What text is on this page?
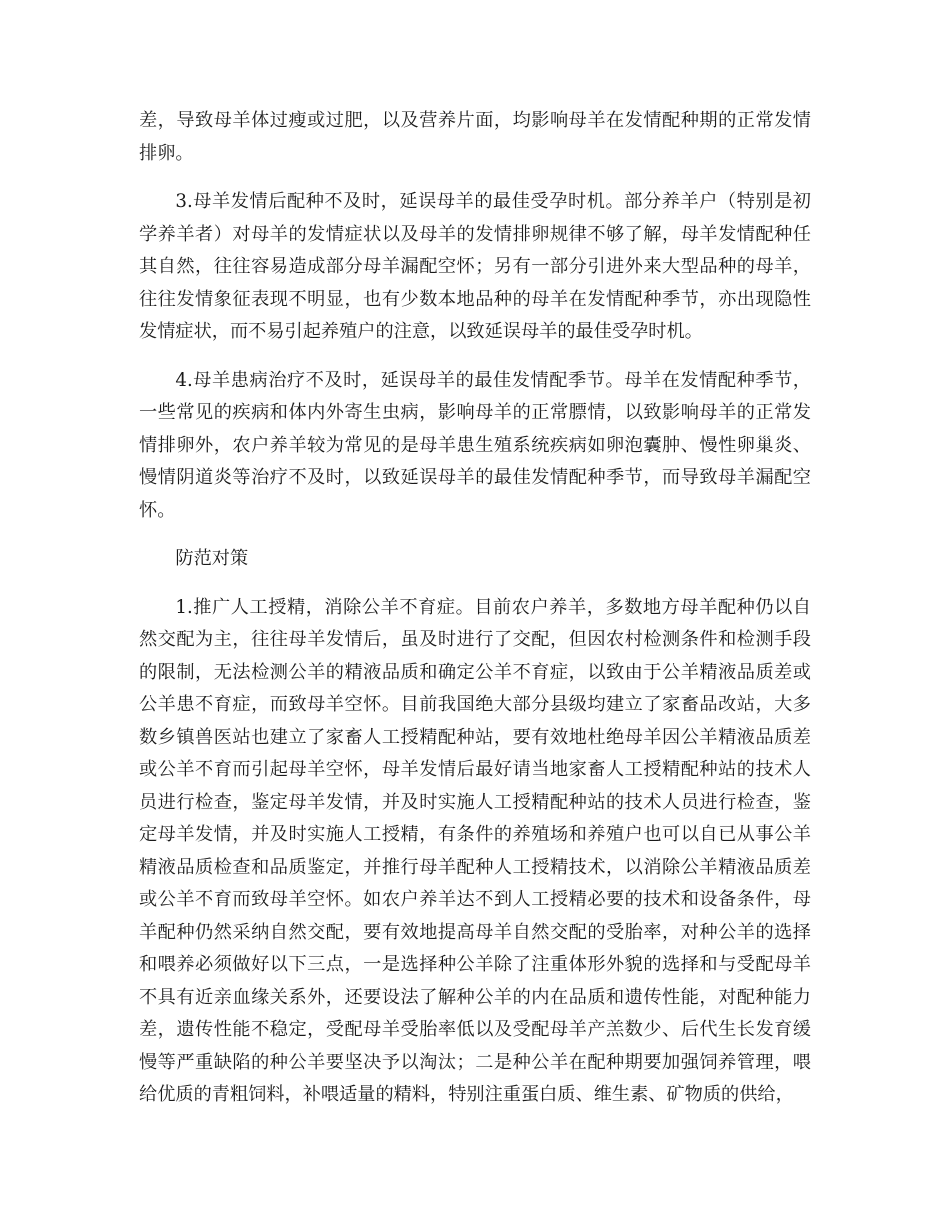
差，导致母羊体过瘦或过肥，以及营养片面，均影响母羊在发情配种期的正常发情排卵。

3.母羊发情后配种不及时，延误母羊的最佳受孕时机。部分养羊户（特别是初学养羊者）对母羊的发情症状以及母羊的发情排卵规律不够了解，母羊发情配种任其自然，往往容易造成部分母羊漏配空怀；另有一部分引进外来大型品种的母羊，往往发情象征表现不明显，也有少数本地品种的母羊在发情配种季节，亦出现隐性发情症状，而不易引起养殖户的注意，以致延误母羊的最佳受孕时机。

4.母羊患病治疗不及时，延误母羊的最佳发情配季节。母羊在发情配种季节，一些常见的疾病和体内外寄生虫病，影响母羊的正常膘情，以致影响母羊的正常发情排卵外，农户养羊较为常见的是母羊患生殖系统疾病如卵泡囊肿、慢性卵巢炎、慢情阴道炎等治疗不及时，以致延误母羊的最佳发情配种季节，而导致母羊漏配空怀。

防范对策

1.推广人工授精，消除公羊不育症。目前农户养羊，多数地方母羊配种仍以自然交配为主，往往母羊发情后，虽及时进行了交配，但因农村检测条件和检测手段的限制，无法检测公羊的精液品质和确定公羊不育症，以致由于公羊精液品质差或公羊患不育症，而致母羊空怀。目前我国绝大部分县级均建立了家畜品改站，大多数乡镇兽医站也建立了家畜人工授精配种站，要有效地杜绝母羊因公羊精液品质差或公羊不育而引起母羊空怀，母羊发情后最好请当地家畜人工授精配种站的技术人员进行检查，鉴定母羊发情，并及时实施人工授精配种站的技术人员进行检查，鉴定母羊发情，并及时实施人工授精，有条件的养殖场和养殖户也可以自已从事公羊精液品质检查和品质鉴定，并推行母羊配种人工授精技术，以消除公羊精液品质差或公羊不育而致母羊空怀。如农户养羊达不到人工授精必要的技术和设备条件，母羊配种仍然采纳自然交配，要有效地提高母羊自然交配的受胎率，对种公羊的选择和喂养必须做好以下三点，一是选择种公羊除了注重体形外貌的选择和与受配母羊不具有近亲血缘关系外，还要设法了解种公羊的内在品质和遗传性能，对配种能力差，遗传性能不稳定，受配母羊受胎率低以及受配母羊产羔数少、后代生长发育缓慢等严重缺陷的种公羊要坚决予以淘汰；二是种公羊在配种期要加强饲养管理，喂给优质的青粗饲料，补喂适量的精料，特别注重蛋白质、维生素、矿物质的供给，
